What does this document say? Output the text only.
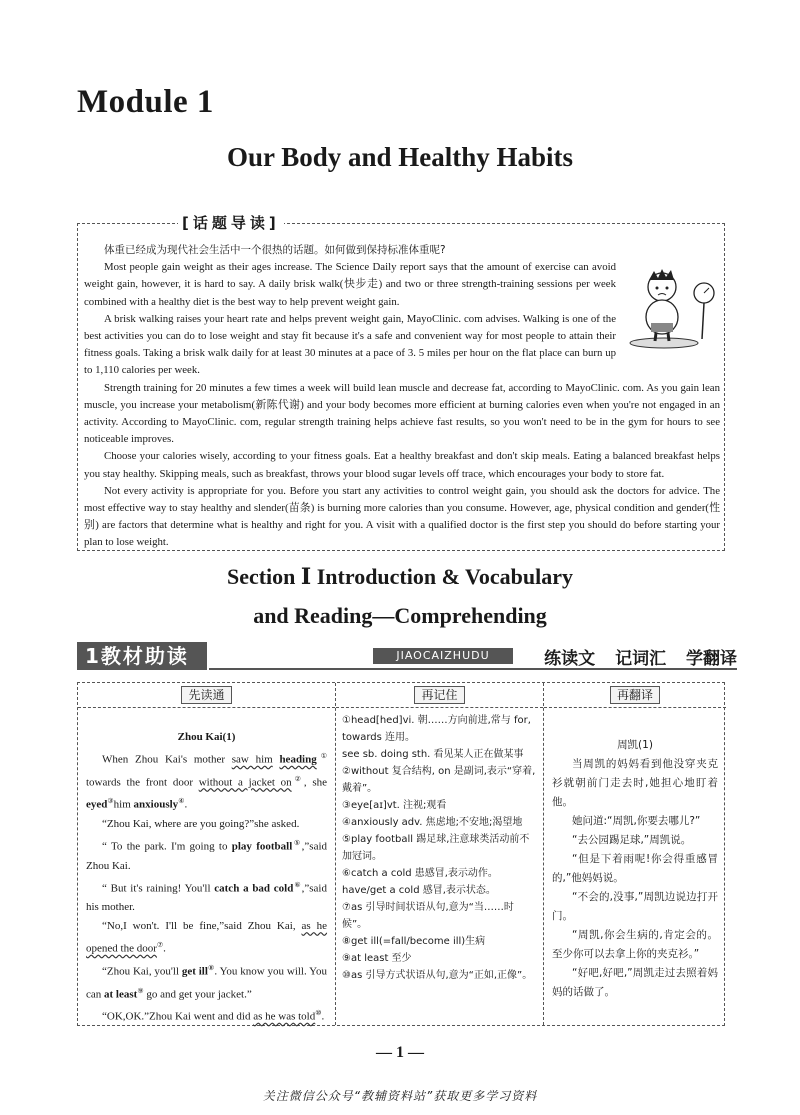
Module 1
Our Body and Healthy Habits
[话题导读]

体重已经成为现代社会生活中一个很热的话题。如何做到保持标准体重呢?

Most people gain weight as their ages increase. The Science Daily report says that the amount of exercise can avoid weight gain, however, it is hard to say. A daily brisk walk(快步走) and two or three strength-training sessions per week combined with a healthy diet is the best way to help prevent weight gain.

A brisk walking raises your heart rate and helps prevent weight gain, MayoClinic. com advises. Walking is one of the best activities you can do to lose weight and stay fit because it's a safe and convenient way for most people to attain their fitness goals. Taking a brisk walk daily for at least 30 minutes at a pace of 3. 5 miles per hour on the flat place can burn up to 1,110 calories per week.

Strength training for 20 minutes a few times a week will build lean muscle and decrease fat, according to MayoClinic. com. As you gain lean muscle, you increase your metabolism(新陈代谢) and your body becomes more efficient at burning calories even when you're not engaged in an activity. According to MayoClinic. com, regular strength training helps achieve fast results, so you won't need to be in the gym for hours to see noticeable improves.

Choose your calories wisely, according to your fitness goals. Eat a healthy breakfast and don't skip meals. Eating a balanced breakfast helps you stay healthy. Skipping meals, such as breakfast, throws your blood sugar levels off trace, which encourages your body to store fat.

Not every activity is appropriate for you. Before you start any activities to control weight gain, you should ask the doctors for advice. The most effective way to stay healthy and slender(苗条) is burning more calories than you consume. However, age, physical condition and gender(性别) are factors that determine what is healthy and right for you. A visit with a qualified doctor is the first step you should do before starting your plan to lose weight.

Section Ⅰ Introduction & Vocabulary
and Reading—Comprehending
1教材助读	JIAOCAIZHUDU	练读文 记词汇 学翻译
先读通
Zhou Kai(1)

When Zhou Kai's mother saw him heading① towards the front door without a jacket on②, she eyed③him anxiously④.

“Zhou Kai, where are you going?”she asked.

“ To the park. I'm going to play football⑤,”said Zhou Kai.

“ But it's raining! You'll catch a bad cold⑥,”said his mother.

“No,I won't. I'll be fine,”said Zhou Kai, as he opened the door⑦.

“Zhou Kai, you'll get ill⑧. You know you will. You can at least⑨ go and get your jacket.”

“OK,OK.”Zhou Kai went and did as he was told⑩.

再记住
①head[hed]vi. 朝……方向前进,常与 for, towards 连用。
see sb. doing sth. 看见某人正在做某事
②without 复合结构, on 是副词,表示“穿着,戴着”。
③eye[aɪ]vt. 注视;观看
④anxiously adv. 焦虑地;不安地;渴望地
⑤play football 踢足球,注意球类活动前不加冠词。
⑥catch a cold 患感冒,表示动作。
have/get a cold 感冒,表示状态。
⑦as 引导时间状语从句,意为“当……时候”。
⑧get ill(=fall/become ill)生病
⑨at least 至少
⑩as 引导方式状语从句,意为“正如,正像”。
再翻译
周凯(1)

当周凯的妈妈看到他没穿夹克衫就朝前门走去时,她担心地盯着他。

她问道:“周凯,你要去哪儿?”

“去公园踢足球,”周凯说。

“但是下着雨呢!你会得重感冒的,”他妈妈说。

“不会的,没事,”周凯边说边打开门。

“周凯,你会生病的,肯定会的。至少你可以去拿上你的夹克衫。”

“好吧,好吧,”周凯走过去照着妈妈的话做了。

— 1 —
关注微信公众号“教辅资料站”获取更多学习资料
